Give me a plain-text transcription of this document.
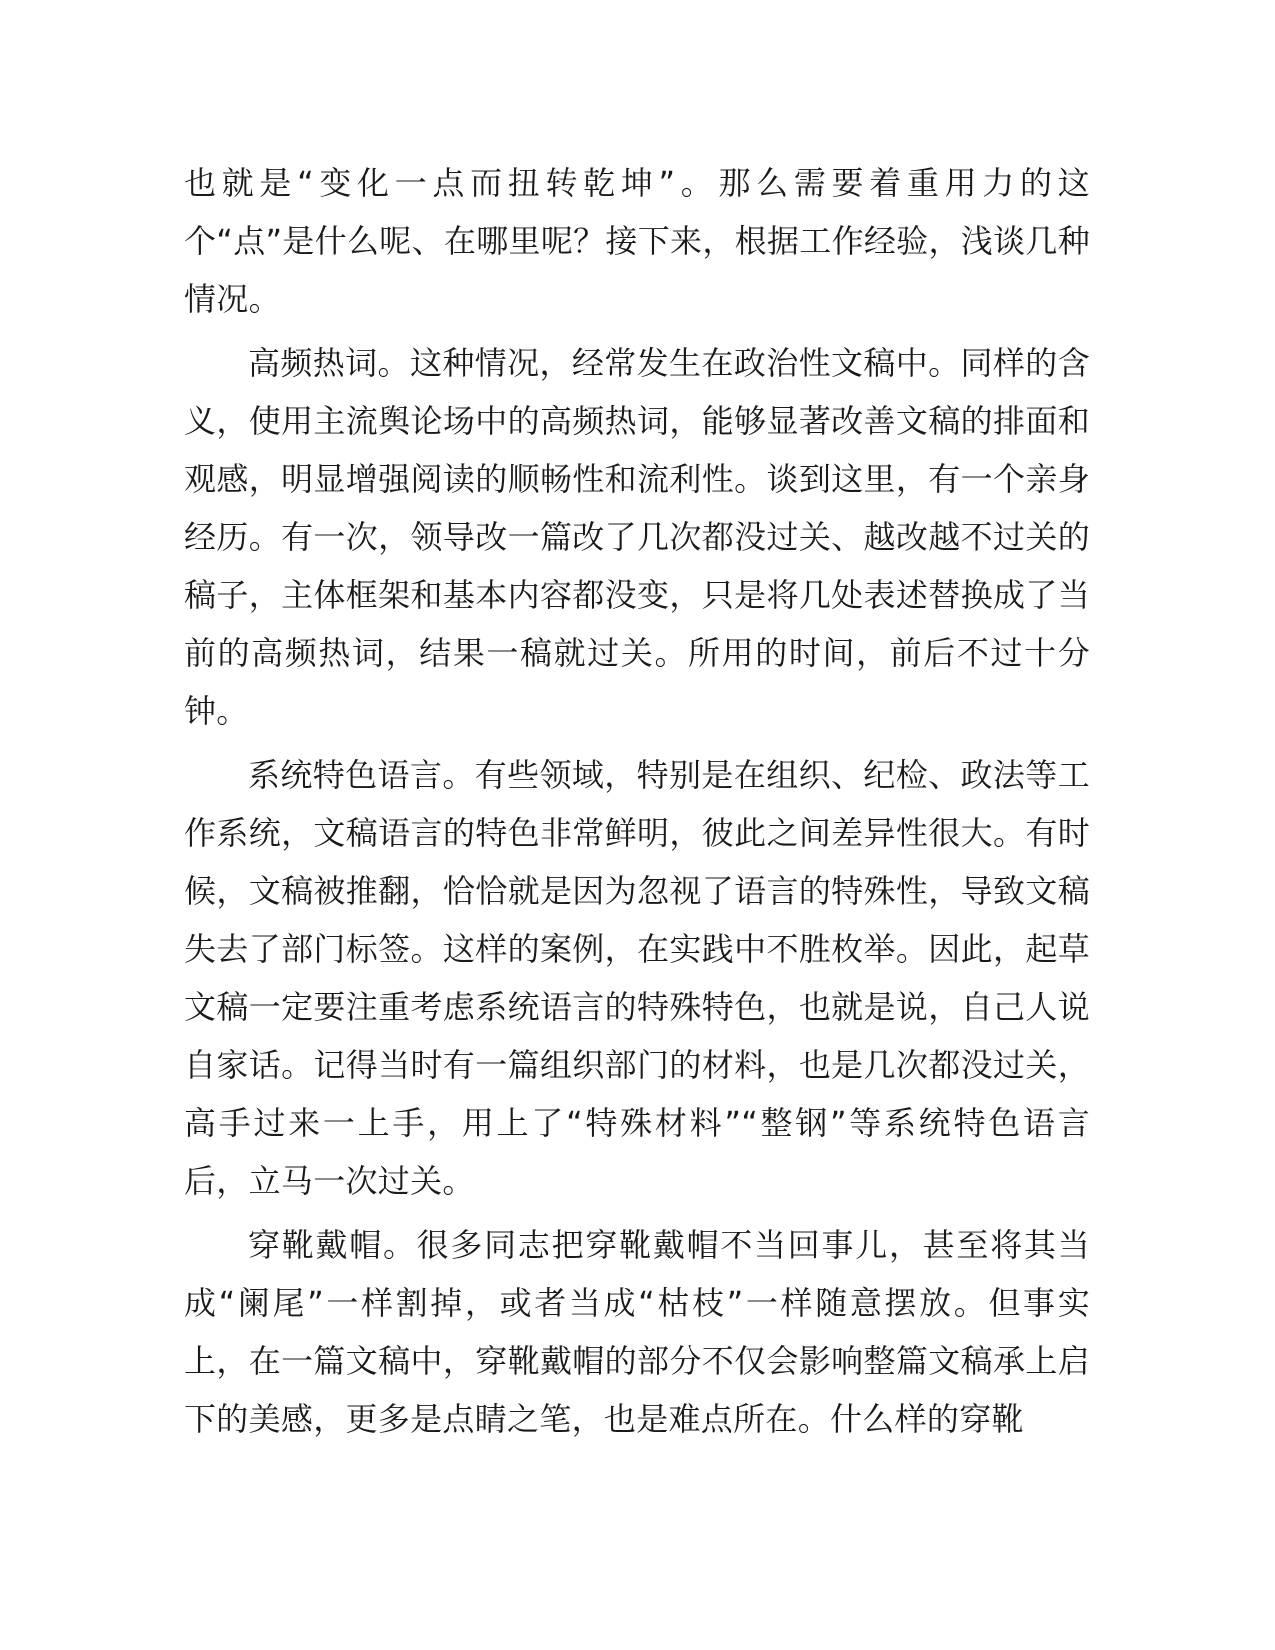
也就是“变化一点而扭转乾坤”。那么需要着重用力的这个“点”是什么呢、在哪里呢？接下来，根据工作经验，浅谈几种情况。

高频热词。这种情况，经常发生在政治性文稿中。同样的含义，使用主流舆论场中的高频热词，能够显著改善文稿的排面和观感，明显增强阅读的顺畅性和流利性。谈到这里，有一个亲身经历。有一次，领导改一篇改了几次都没过关、越改越不过关的稿子，主体框架和基本内容都没变，只是将几处表述替换成了当前的高频热词，结果一稿就过关。所用的时间，前后不过十分钟。

系统特色语言。有些领域，特别是在组织、纪检、政法等工作系统，文稿语言的特色非常鲜明，彼此之间差异性很大。有时候，文稿被推翻，恰恰就是因为忽视了语言的特殊性，导致文稿失去了部门标签。这样的案例，在实践中不胜枚举。因此，起草文稿一定要注重考虑系统语言的特殊特色，也就是说，自己人说自家话。记得当时有一篇组织部门的材料，也是几次都没过关，高手过来一上手，用上了“特殊材料”“整钢”等系统特色语言后，立马一次过关。

穿靴戴帽。很多同志把穿靴戴帽不当回事儿，甚至将其当成“阑尾”一样割掉，或者当成“枯枝”一样随意摆放。但事实上，在一篇文稿中，穿靴戴帽的部分不仅会影响整篇文稿承上启下的美感，更多是点睛之笔，也是难点所在。什么样的穿靴
